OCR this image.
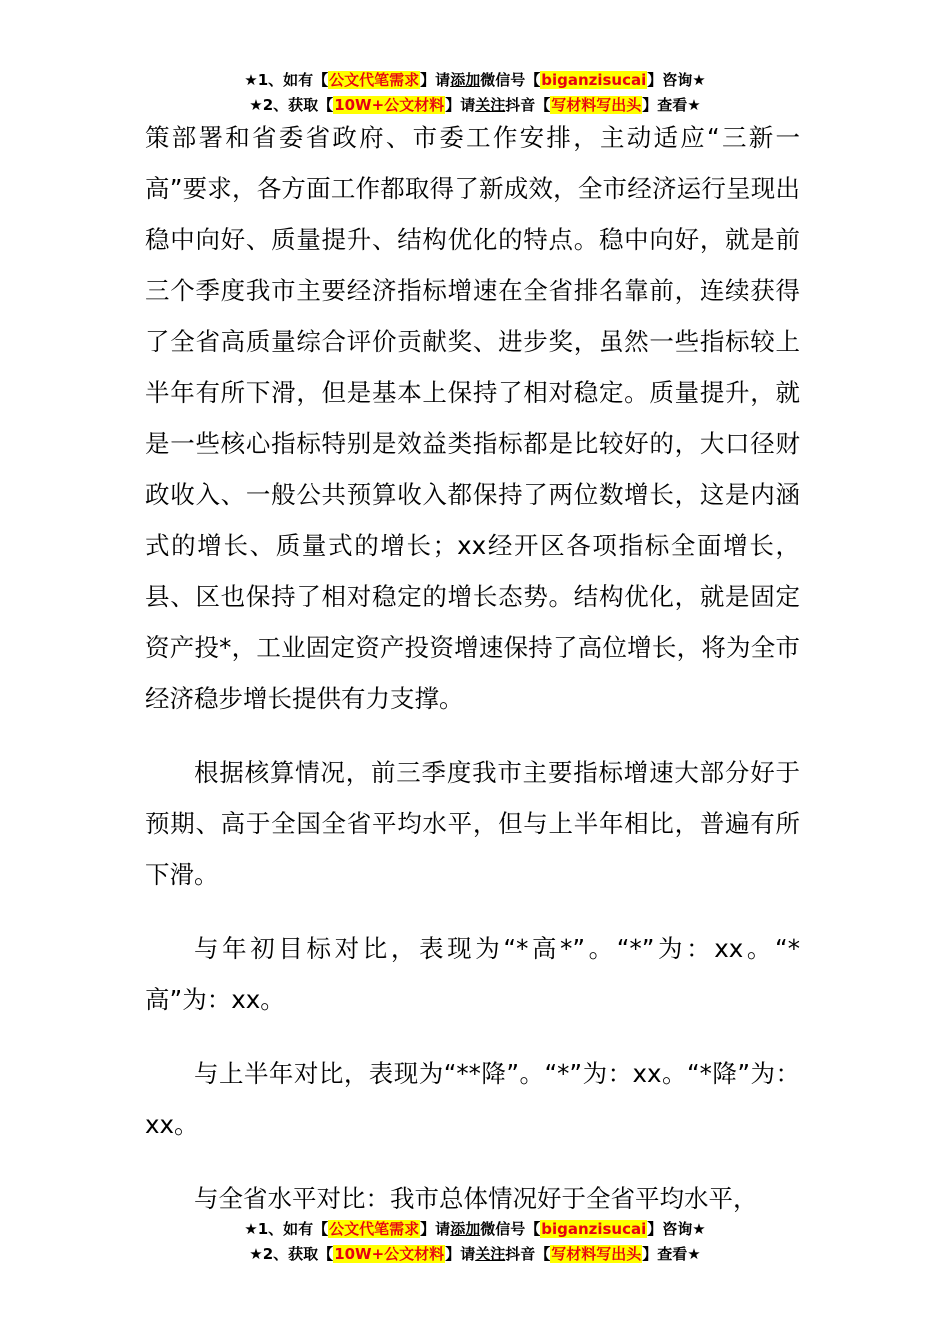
★1、如有【公文代笔需求】请添加微信号【biganzisucai】咨询★
★2、获取【10W+公文材料】请关注抖音【写材料写出头】查看★

策部署和省委省政府、市委工作安排，主动适应“三新一高”要求，各方面工作都取得了新成效，全市经济运行呈现出稳中向好、质量提升、结构优化的特点。稳中向好，就是前三个季度我市主要经济指标增速在全省排名靠前，连续获得了全省高质量综合评价贡献奖、进步奖，虽然一些指标较上半年有所下滑，但是基本上保持了相对稳定。质量提升，就是一些核心指标特别是效益类指标都是比较好的，大口径财政收入、一般公共预算收入都保持了两位数增长，这是内涵式的增长、质量式的增长；xx经开区各项指标全面增长，县、区也保持了相对稳定的增长态势。结构优化，就是固定资产投*，工业固定资产投资增速保持了高位增长，将为全市经济稳步增长提供有力支撑。

根据核算情况，前三季度我市主要指标增速大部分好于预期、高于全国全省平均水平，但与上半年相比，普遍有所下滑。

与年初目标对比，表现为“*高*”。“*”为：xx。“*高”为：xx。

与上半年对比，表现为“**降”。“*”为：xx。“*降”为：xx。

与全省水平对比：我市总体情况好于全省平均水平，

★1、如有【公文代笔需求】请添加微信号【biganzisucai】咨询★
★2、获取【10W+公文材料】请关注抖音【写材料写出头】查看★
